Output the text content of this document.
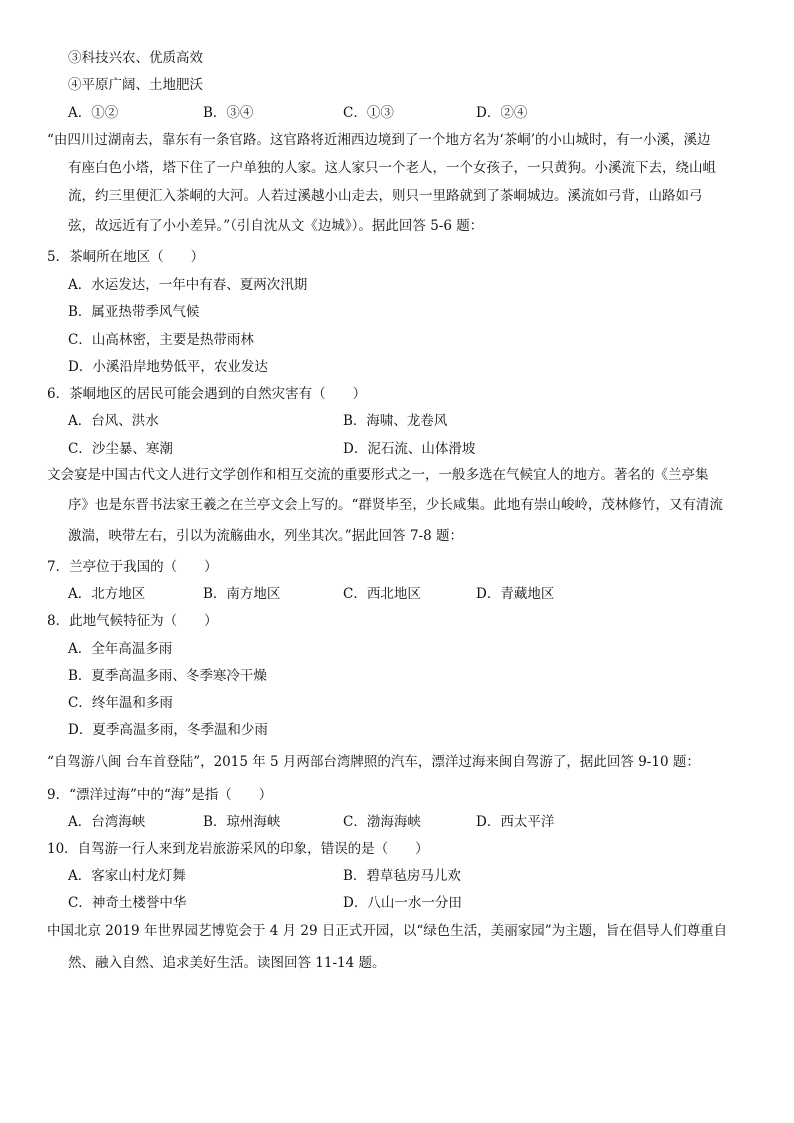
③科技兴农、优质高效
④平原广阔、土地肥沃
A．①②	B．③④	C．①③	D．②④
“由四川过湖南去，靠东有一条官路。这官路将近湘西边境到了一个地方名为‘茶峒’的小山城时，有一小溪，溪边
有座白色小塔，塔下住了一户单独的人家。这人家只一个老人，一个女孩子，一只黄狗。小溪流下去，绕山岨
流，约三里便汇入茶峒的大河。人若过溪越小山走去，则只一里路就到了茶峒城边。溪流如弓背，山路如弓
弦，故远近有了小小差异。”（引自沈从文《边城》）。据此回答 5-6 题：
5．茶峒所在地区（　　）
A．水运发达，一年中有春、夏两次汛期
B．属亚热带季风气候
C．山高林密，主要是热带雨林
D．小溪沿岸地势低平，农业发达
6．茶峒地区的居民可能会遇到的自然灾害有（　　）
A．台风、洪水	B．海啸、龙卷风
C．沙尘暴、寒潮	D．泥石流、山体滑坡
文会宴是中国古代文人进行文学创作和相互交流的重要形式之一，一般多选在气候宜人的地方。著名的《兰亭集
序》也是东晋书法家王羲之在兰亭文会上写的。“群贤毕至，少长咸集。此地有崇山峻岭，茂林修竹，又有清流
激湍，映带左右，引以为流觞曲水，列坐其次。”据此回答 7-8 题：
7．兰亭位于我国的（　　）
A．北方地区	B．南方地区	C．西北地区	D．青藏地区
8．此地气候特征为（　　）
A．全年高温多雨
B．夏季高温多雨、冬季寒冷干燥
C．终年温和多雨
D．夏季高温多雨，冬季温和少雨
“自驾游八闽 台车首登陆”，2015 年 5 月两部台湾牌照的汽车，漂洋过海来闽自驾游了，据此回答 9-10 题：
9．“漂洋过海”中的“海”是指（　　）
A．台湾海峡	B．琼州海峡	C．渤海海峡	D．西太平洋
10．自驾游一行人来到龙岩旅游采风的印象，错误的是（　　）
A．客家山村龙灯舞	B．碧草毡房马儿欢
C．神奇土楼誉中华	D．八山一水一分田
中国北京 2019 年世界园艺博览会于 4 月 29 日正式开园，以“绿色生活，美丽家园”为主题，旨在倡导人们尊重自
然、融入自然、追求美好生活。读图回答 11-14 题。
